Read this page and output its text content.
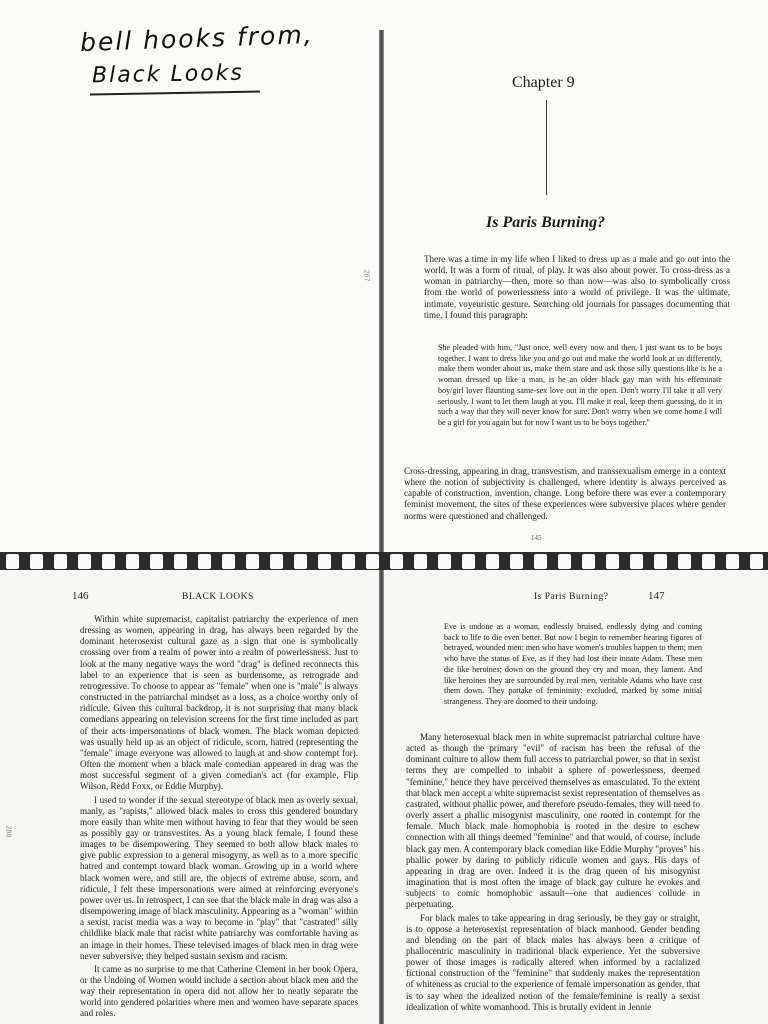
bell hooks from,
Black Looks
287
Chapter 9
Is Paris Burning?

There was a time in my life when I liked to dress up as a male and go out into the world. It was a form of ritual, of play. It was also about power. To cross-dress as a woman in patriarchy—then, more so than now—was also to symbolically cross from the world of powerlessness into a world of privilege. It was the ultimate, intimate, voyeuristic gesture. Searching old journals for passages documenting that time, I found this paragraph:

She pleaded with him, "Just once, well every now and then, I just want us to be boys together. I want to dress like you and go out and make the world look at us differently, make them wonder about us, make them stare and ask those silly questions like is he a woman dressed up like a man, is he an older black gay man with his effeminate boy/girl lover flaunting same-sex love out in the open. Don't worry I'll take it all very seriously, I want to let them laugh at you. I'll make it real, keep them guessing, do it in such a way that they will never know for sure. Don't worry when we come home I will be a girl for you again but for now I want us to be boys together."

Cross-dressing, appearing in drag, transvestism, and transsexualism emerge in a context where the notion of subjectivity is challenged, where identity is always perceived as capable of construction, invention, change. Long before there was ever a contemporary feminist movement, the sites of these experiences were subversive places where gender norms were questioned and challenged.

145
146	BLACK LOOKS
288

Within white supremacist, capitalist patriarchy the experience of men dressing as women, appearing in drag, has always been regarded by the dominant heterosexist cultural gaze as a sign that one is symbolically crossing over from a realm of power into a realm of powerlessness. Just to look at the many negative ways the word "drag" is defined reconnects this label to an experience that is seen as burdensome, as retrograde and retrogressive. To choose to appear as "female" when one is "male" is always constructed in the patriarchal mindset as a loss, as a choice worthy only of ridicule. Given this cultural backdrop, it is not surprising that many black comedians appearing on television screens for the first time included as part of their acts impersonations of black women. The black woman depicted was usually held up as an object of ridicule, scorn, hatred (representing the "female" image everyone was allowed to laugh at and show contempt for). Often the moment when a black male comedian appeared in drag was the most successful segment of a given comedian's act (for example, Flip Wilson, Redd Foxx, or Eddie Murphy).

I used to wonder if the sexual stereotype of black men as overly sexual, manly, as "rapists," allowed black males to cross this gendered boundary more easily than white men without having to fear that they would be seen as possibly gay or transvestites. As a young black female, I found these images to be disempowering. They seemed to both allow black males to give public expression to a general misogyny, as well as to a more specific hatred and contempt toward black woman. Growing up in a world where black women were, and still are, the objects of extreme abuse, scorn, and ridicule, I felt these impersonations were aimed at reinforcing everyone's power over us. In retrospect, I can see that the black male in drag was also a disempowering image of black masculinity. Appearing as a "woman" within a sexist, racist media was a way to become in "play" that "castrated" silly childlike black male that racist white patriarchy was comfortable having as an image in their homes. These televised images of black men in drag were never subversive; they helped sustain sexism and racism.

It came as no surprise to me that Catherine Clement in her book Opera, or the Undoing of Women would include a section about black men and the way their representation in opera did not allow her to neatly separate the world into gendered polarities where men and women have separate spaces and roles.

Is Paris Burning?	147
Eve is undone as a woman, endlessly bruised, endlessly dying and coming back to life to die even better. But now I begin to remember hearing figures of betrayed, wounded men: men who have women's troubles happen to them; men who have the status of Eve, as if they had lost their innate Adam. These men die like heroines; down on the ground they cry and moan, they lament. And like heroines they are surrounded by real men, veritable Adams who have cast them down. They partake of femininity: excluded, marked by some initial strangeness. They are doomed to their undoing.

Many heterosexual black men in white supremacist patriarchal culture have acted as though the primary "evil" of racism has been the refusal of the dominant culture to allow them full access to patriarchal power, so that in sexist terms they are compelled to inhabit a sphere of powerlessness, deemed "feminine," hence they have perceived themselves as emasculated. To the extent that black men accept a white supremacist sexist representation of themselves as castrated, without phallic power, and therefore pseudo-females, they will need to overly assert a phallic misogynist masculinity, one rooted in contempt for the female. Much black male homophobia is rooted in the desire to eschew connection with all things deemed "feminine" and that would, of course, include black gay men. A contemporary black comedian like Eddie Murphy "proves" his phallic power by daring to publicly ridicule women and gays. His days of appearing in drag are over. Indeed it is the drag queen of his misogynist imagination that is most often the image of black gay culture he evokes and subjects to comic homophobic assault—one that audiences collude in perpetuating.

For black males to take appearing in drag seriously, be they gay or straight, is to oppose a heterosexist representation of black manhood. Gender bending and blending on the part of black males has always been a critique of phallocentric masculinity in traditional black experience. Yet the subversive power of those images is radically altered when informed by a racialized fictional construction of the "feminine" that suddenly makes the representation of whiteness as crucial to the experience of female impersonation as gender, that is to say when the idealized notion of the female/feminine is really a sexist idealization of white womanhood. This is brutally evident in Jennie
